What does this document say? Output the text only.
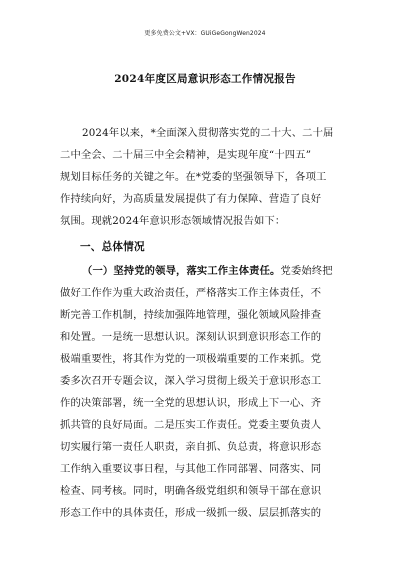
更多免费公文+VX：GUiGeGongWen2024
2024年度区局意识形态工作情况报告
2024年以来，*全面深入贯彻落实党的二十大、二十届
二中全会、二十届三中全会精神，是实现年度“十四五”
规划目标任务的关键之年。在*党委的坚强领导下，各项工
作持续向好，为高质量发展提供了有力保障、营造了良好
氛围。现就2024年意识形态领域情况报告如下：
一、总体情况
（一）坚持党的领导，落实工作主体责任。党委始终把
做好工作作为重大政治责任，严格落实工作主体责任，不
断完善工作机制，持续加强阵地管理，强化领域风险排查
和处置。一是统一思想认识。深刻认识到意识形态工作的
极端重要性，将其作为党的一项极端重要的工作来抓。党
委多次召开专题会议，深入学习贯彻上级关于意识形态工
作的决策部署，统一全党的思想认识，形成上下一心、齐
抓共管的良好局面。二是压实工作责任。党委主要负责人
切实履行第一责任人职责，亲自抓、负总责，将意识形态
工作纳入重要议事日程，与其他工作同部署、同落实、同
检查、同考核。同时，明确各级党组织和领导干部在意识
形态工作中的具体责任，形成一级抓一级、层层抓落实的
